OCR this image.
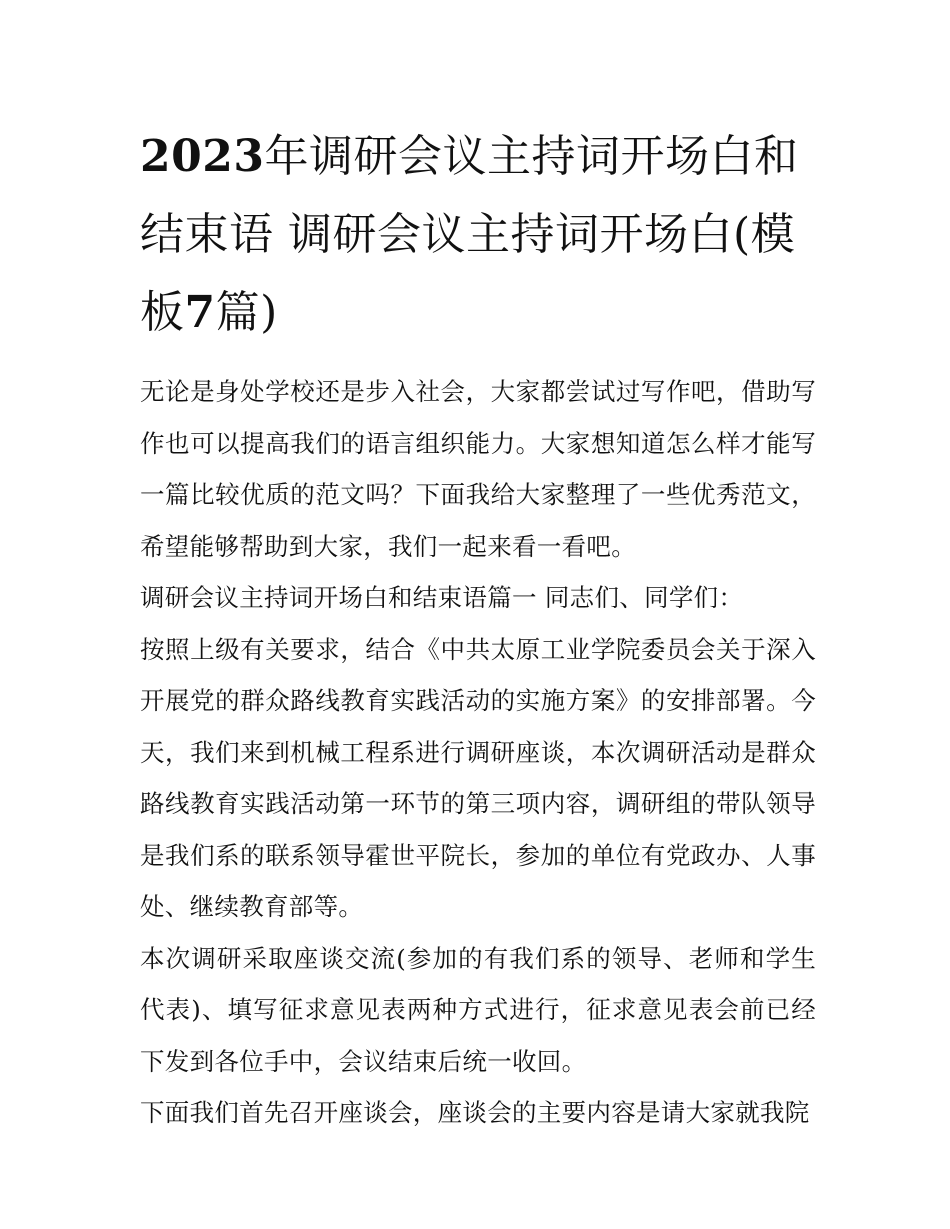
2023年调研会议主持词开场白和结束语 调研会议主持词开场白(模板7篇)

无论是身处学校还是步入社会，大家都尝试过写作吧，借助写作也可以提高我们的语言组织能力。大家想知道怎么样才能写一篇比较优质的范文吗？下面我给大家整理了一些优秀范文，希望能够帮助到大家，我们一起来看一看吧。

调研会议主持词开场白和结束语篇一 同志们、同学们：

按照上级有关要求，结合《中共太原工业学院委员会关于深入开展党的群众路线教育实践活动的实施方案》的安排部署。今天，我们来到机械工程系进行调研座谈，本次调研活动是群众路线教育实践活动第一环节的第三项内容，调研组的带队领导是我们系的联系领导霍世平院长，参加的单位有党政办、人事处、继续教育部等。

本次调研采取座谈交流(参加的有我们系的领导、老师和学生代表)、填写征求意见表两种方式进行，征求意见表会前已经下发到各位手中，会议结束后统一收回。

下面我们首先召开座谈会，座谈会的主要内容是请大家就我院
